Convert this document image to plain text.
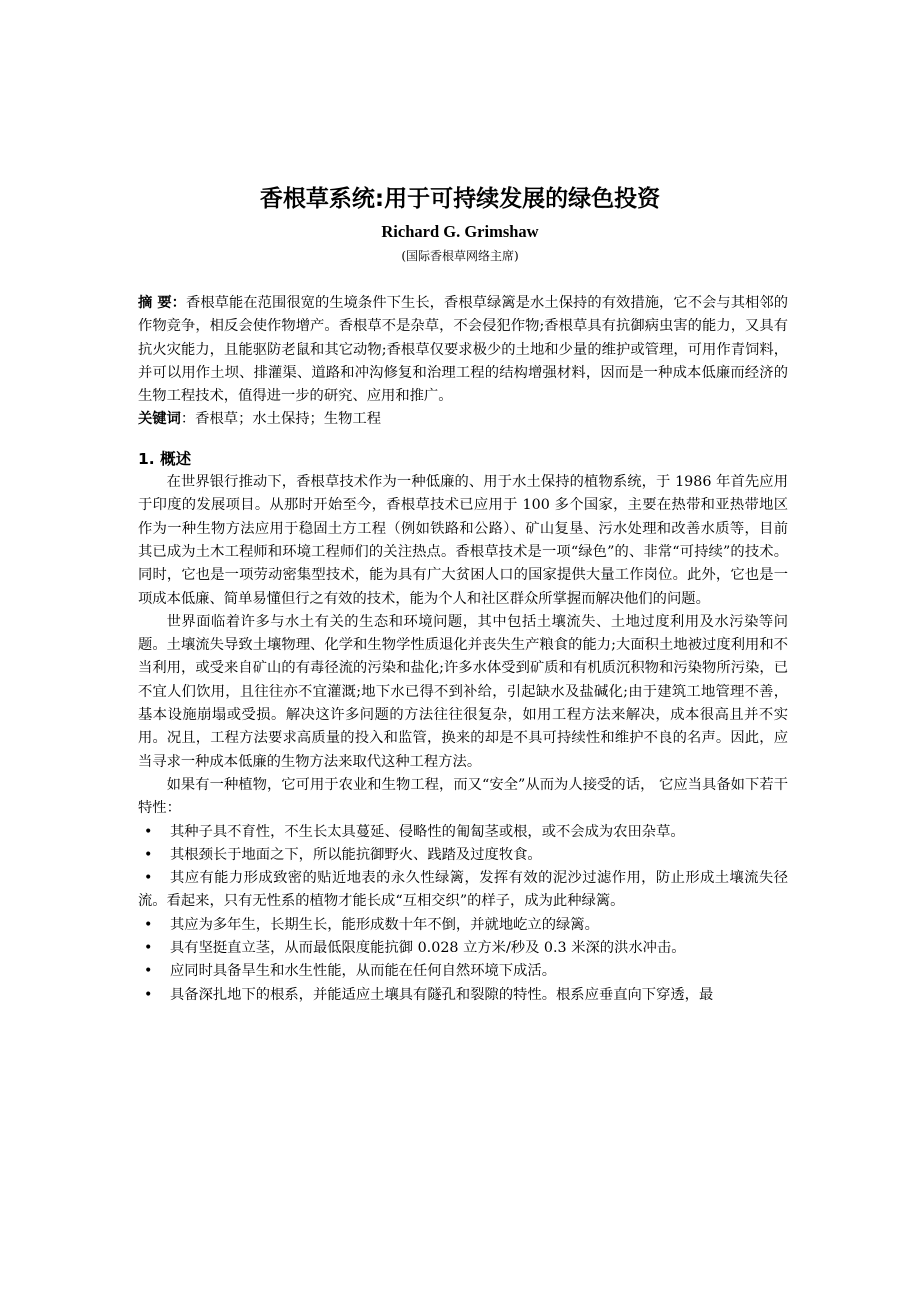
香根草系统:用于可持续发展的绿色投资
Richard G. Grimshaw
(国际香根草网络主席)

摘 要：香根草能在范围很宽的生境条件下生长，香根草绿篱是水土保持的有效措施，它不会与其相邻的作物竞争，相反会使作物增产。香根草不是杂草，不会侵犯作物;香根草具有抗御病虫害的能力，又具有抗火灾能力，且能驱防老鼠和其它动物;香根草仅要求极少的土地和少量的维护或管理，可用作青饲料，并可以用作土坝、排灌渠、道路和冲沟修复和治理工程的结构增强材料，因而是一种成本低廉而经济的生物工程技术，值得进一步的研究、应用和推广。

关键词：香根草；水土保持；生物工程

1. 概述

在世界银行推动下，香根草技术作为一种低廉的、用于水土保持的植物系统，于 1986 年首先应用于印度的发展项目。从那时开始至今，香根草技术已应用于 100 多个国家，主要在热带和亚热带地区作为一种生物方法应用于稳固土方工程（例如铁路和公路）、矿山复垦、污水处理和改善水质等，目前其已成为土木工程师和环境工程师们的关注热点。香根草技术是一项“绿色”的、非常“可持续”的技术。同时，它也是一项劳动密集型技术，能为具有广大贫困人口的国家提供大量工作岗位。此外，它也是一项成本低廉、简单易懂但行之有效的技术，能为个人和社区群众所掌握而解决他们的问题。

世界面临着许多与水土有关的生态和环境问题，其中包括土壤流失、土地过度利用及水污染等问题。土壤流失导致土壤物理、化学和生物学性质退化并丧失生产粮食的能力;大面积土地被过度利用和不当利用，或受来自矿山的有毒径流的污染和盐化;许多水体受到矿质和有机质沉积物和污染物所污染，已不宜人们饮用，且往往亦不宜灌溉;地下水已得不到补给，引起缺水及盐碱化;由于建筑工地管理不善，基本设施崩塌或受损。解决这许多问题的方法往往很复杂，如用工程方法来解决，成本很高且并不实用。况且，工程方法要求高质量的投入和监管，换来的却是不具可持续性和维护不良的名声。因此，应当寻求一种成本低廉的生物方法来取代这种工程方法。

如果有一种植物，它可用于农业和生物工程，而又“安全”从而为人接受的话， 它应当具备如下若干特性：

• 其种子具不育性，不生长太具蔓延、侵略性的匍匐茎或根，或不会成为农田杂草。
• 其根颈长于地面之下，所以能抗御野火、践踏及过度牧食。
• 其应有能力形成致密的贴近地表的永久性绿篱，发挥有效的泥沙过滤作用，防止形成土壤流失径流。看起来，只有无性系的植物才能长成“互相交织”的样子，成为此种绿篱。
• 其应为多年生，长期生长，能形成数十年不倒，并就地屹立的绿篱。
• 具有坚挺直立茎，从而最低限度能抗御 0.028 立方米/秒及 0.3 米深的洪水冲击。
• 应同时具备旱生和水生性能，从而能在任何自然环境下成活。
• 具备深扎地下的根系，并能适应土壤具有隧孔和裂隙的特性。根系应垂直向下穿透，最
